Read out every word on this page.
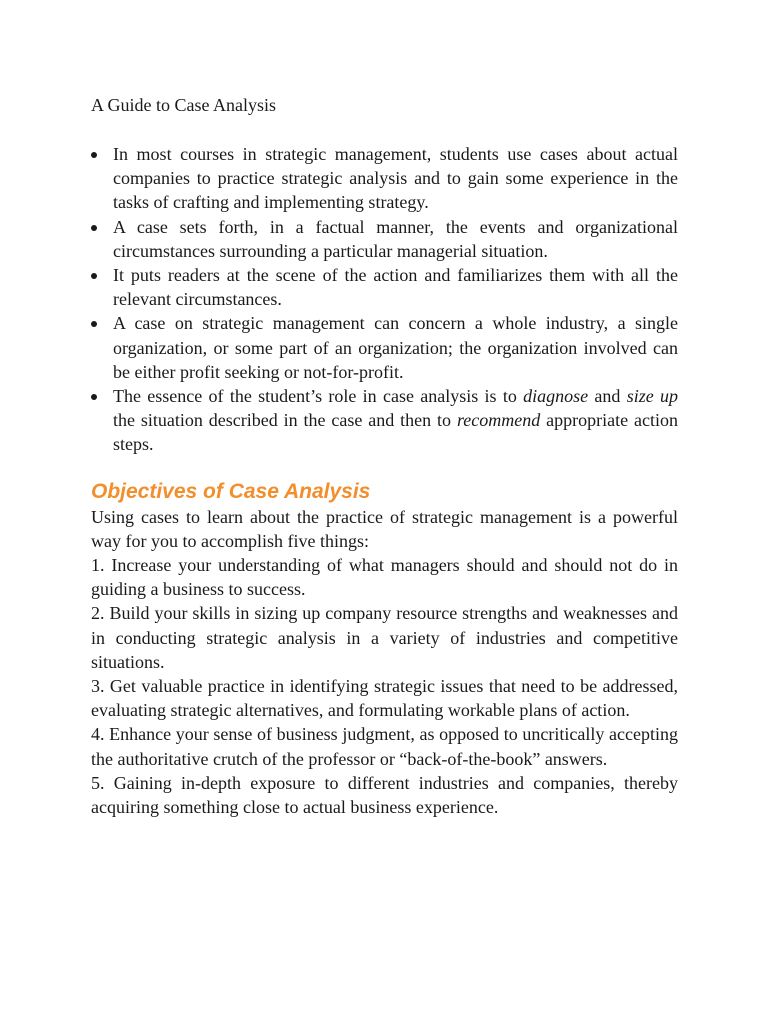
A Guide to Case Analysis
In most courses in strategic management, students use cases about actual companies to practice strategic analysis and to gain some experience in the tasks of crafting and implementing strategy.
A case sets forth, in a factual manner, the events and organizational circumstances surrounding a particular managerial situation.
It puts readers at the scene of the action and familiarizes them with all the relevant circumstances.
A case on strategic management can concern a whole industry, a single organization, or some part of an organization; the organization involved can be either profit seeking or not-for-profit.
The essence of the student’s role in case analysis is to diagnose and size up the situation described in the case and then to recommend appropriate action steps.
Objectives of Case Analysis

Using cases to learn about the practice of strategic management is a powerful way for you to accomplish five things:

1. Increase your understanding of what managers should and should not do in guiding a business to success.

2. Build your skills in sizing up company resource strengths and weaknesses and in conducting strategic analysis in a variety of industries and competitive situations.

3. Get valuable practice in identifying strategic issues that need to be addressed, evaluating strategic alternatives, and formulating workable plans of action.

4. Enhance your sense of business judgment, as opposed to uncritically accepting the authoritative crutch of the professor or “back-of-the-book” answers.

5. Gaining in-depth exposure to different industries and companies, thereby acquiring something close to actual business experience.
